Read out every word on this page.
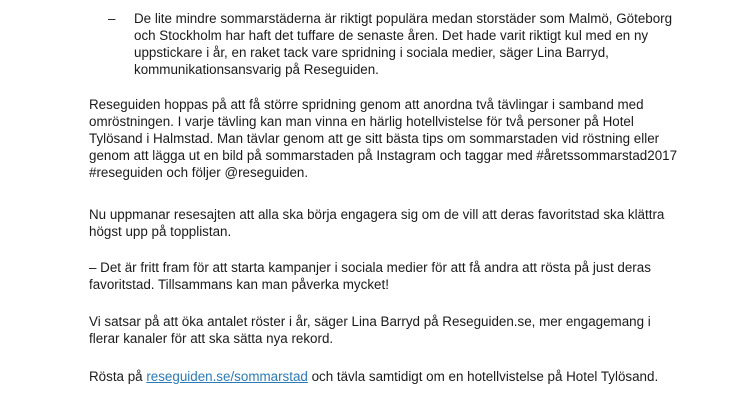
–	De lite mindre sommarstäderna är riktigt populära medan storstäder som Malmö, Göteborg och Stockholm har haft det tuffare de senaste åren. Det hade varit riktigt kul med en ny uppstickare i år, en raket tack vare spridning i sociala medier, säger Lina Barryd, kommunikationsansvarig på Reseguiden.

Reseguiden hoppas på att få större spridning genom att anordna två tävlingar i samband med omröstningen. I varje tävling kan man vinna en härlig hotellvistelse för två personer på Hotel Tylösand i Halmstad. Man tävlar genom att ge sitt bästa tips om sommarstaden vid röstning eller genom att lägga ut en bild på sommarstaden på Instagram och taggar med #åretssommarstad2017 #reseguiden och följer @reseguiden.

Nu uppmanar resesajten att alla ska börja engagera sig om de vill att deras favoritstad ska klättra högst upp på topplistan.

– Det är fritt fram för att starta kampanjer i sociala medier för att få andra att rösta på just deras favoritstad. Tillsammans kan man påverka mycket!

Vi satsar på att öka antalet röster i år, säger Lina Barryd på Reseguiden.se, mer engagemang i flerar kanaler för att ska sätta nya rekord.

Rösta på reseguiden.se/sommarstad och tävla samtidigt om en hotellvistelse på Hotel Tylösand.
